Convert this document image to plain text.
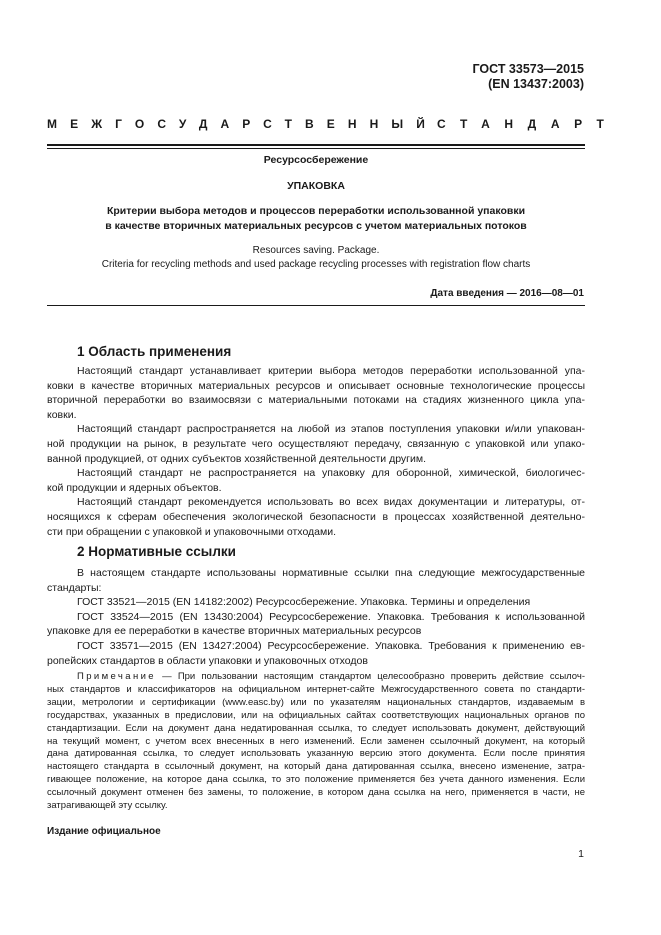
ГОСТ 33573—2015
(EN 13437:2003)
МЕЖГОСУДАРСТВЕННЫЙ СТАНДАРТ
Ресурсосбережение
УПАКОВКА
Критерии выбора методов и процессов переработки использованной упаковки
в качестве вторичных материальных ресурсов с учетом материальных потоков
Resources saving. Package.
Criteria for recycling methods and used package recycling processes with registration flow charts
Дата введения — 2016—08—01
1 Область применения
Настоящий стандарт устанавливает критерии выбора методов переработки использованной упа-
ковки в качестве вторичных материальных ресурсов и описывает основные технологические процессы
вторичной переработки во взаимосвязи с материальными потоками на стадиях жизненного цикла упа-
ковки.
Настоящий стандарт распространяется на любой из этапов поступления упаковки и/или упакован-
ной продукции на рынок, в результате чего осуществляют передачу, связанную с упаковкой или упако-
ванной продукцией, от одних субъектов хозяйственной деятельности другим.
Настоящий стандарт не распространяется на упаковку для оборонной, химической, биологичес-
кой продукции и ядерных объектов.
Настоящий стандарт рекомендуется использовать во всех видах документации и литературы, от-
носящихся к сферам обеспечения экологической безопасности в процессах хозяйственной деятельно-
сти при обращении с упаковкой и упаковочными отходами.
2 Нормативные ссылки
В настоящем стандарте использованы нормативные ссылки пна следующие межгосударственные
стандарты:
ГОСТ 33521—2015 (EN 14182:2002) Ресурсосбережение. Упаковка. Термины и определения
ГОСТ 33524—2015 (EN 13430:2004) Ресурсосбережение. Упаковка. Требования к использованной
упаковке для ее переработки в качестве вторичных материальных ресурсов
ГОСТ 33571—2015 (EN 13427:2004) Ресурсосбережение. Упаковка. Требования к применению ев-
ропейских стандартов в области упаковки и упаковочных отходов
Примечание — При пользовании настоящим стандартом целесообразно проверить действие ссылоч-
ных стандартов и классификаторов на официальном интернет-сайте Межгосударственного совета по стандарти-
зации, метрологии и сертификации (www.easc.by) или по указателям национальных стандартов, издаваемым в
государствах, указанных в предисловии, или на официальных сайтах соответствующих национальных органов по
стандартизации. Если на документ дана недатированная ссылка, то следует использовать документ, действующий
на текущий момент, с учетом всех внесенных в него изменений. Если заменен ссылочный документ, на который
дана датированная ссылка, то следует использовать указанную версию этого документа. Если после принятия
настоящего стандарта в ссылочный документ, на который дана датированная ссылка, внесено изменение, затра-
гивающее положение, на которое дана ссылка, то это положение применяется без учета данного изменения. Если
ссылочный документ отменен без замены, то положение, в котором дана ссылка на него, применяется в части, не
затрагивающей эту ссылку.
Издание официальное
1
